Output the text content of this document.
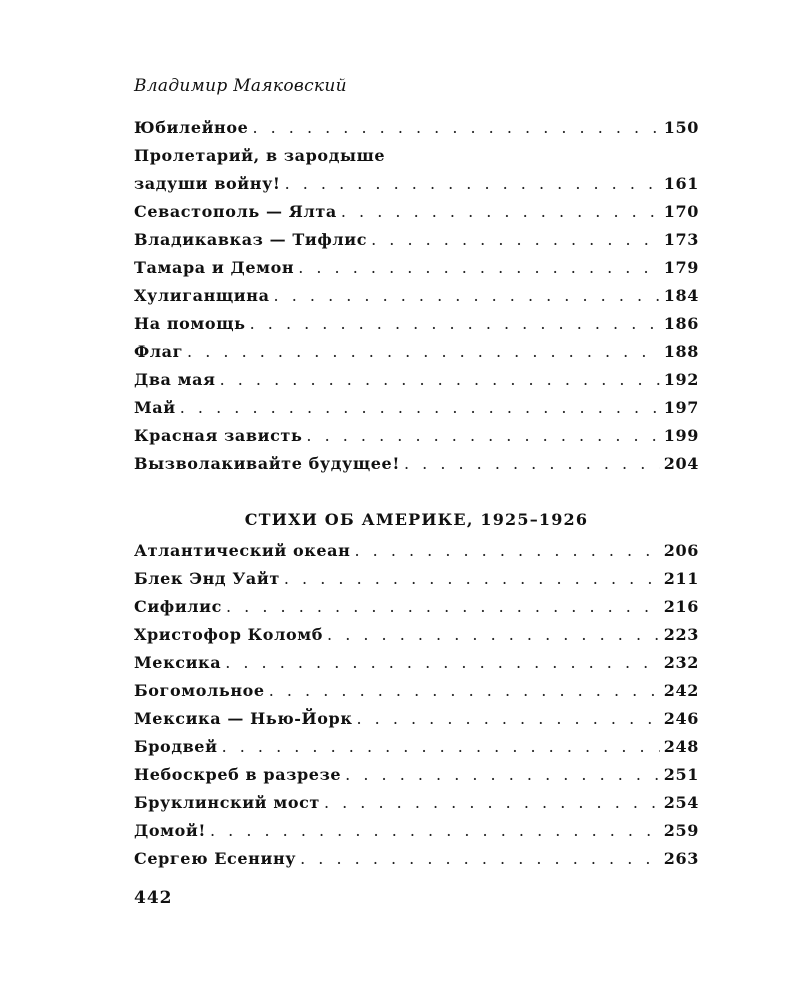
Владимир Маяковский
Юбилейное . . .	150
Пролетарий, в зародыше
задуши войну! . . .	161
Севастополь — Ялта . . .	170
Владикавказ — Тифлис . . .	173
Тамара и Демон . . .	179
Хулиганщина . . .	184
На помощь . . .	186
Флаг . . .	188
Два мая . . .	192
Май . . .	197
Красная зависть . . .	199
Вызволакивайте будущее! . . .	204
СТИХИ ОБ АМЕРИКЕ, 1925–1926
Атлантический океан . . .	206
Блек Энд Уайт . . .	211
Сифилис . . .	216
Христофор Коломб . . .	223
Мексика . . .	232
Богомольное . . .	242
Мексика — Нью-Йорк . . .	246
Бродвей . . .	248
Небоскреб в разрезе . . .	251
Бруклинский мост . . .	254
Домой! . . .	259
Сергею Есенину . . .	263
442
